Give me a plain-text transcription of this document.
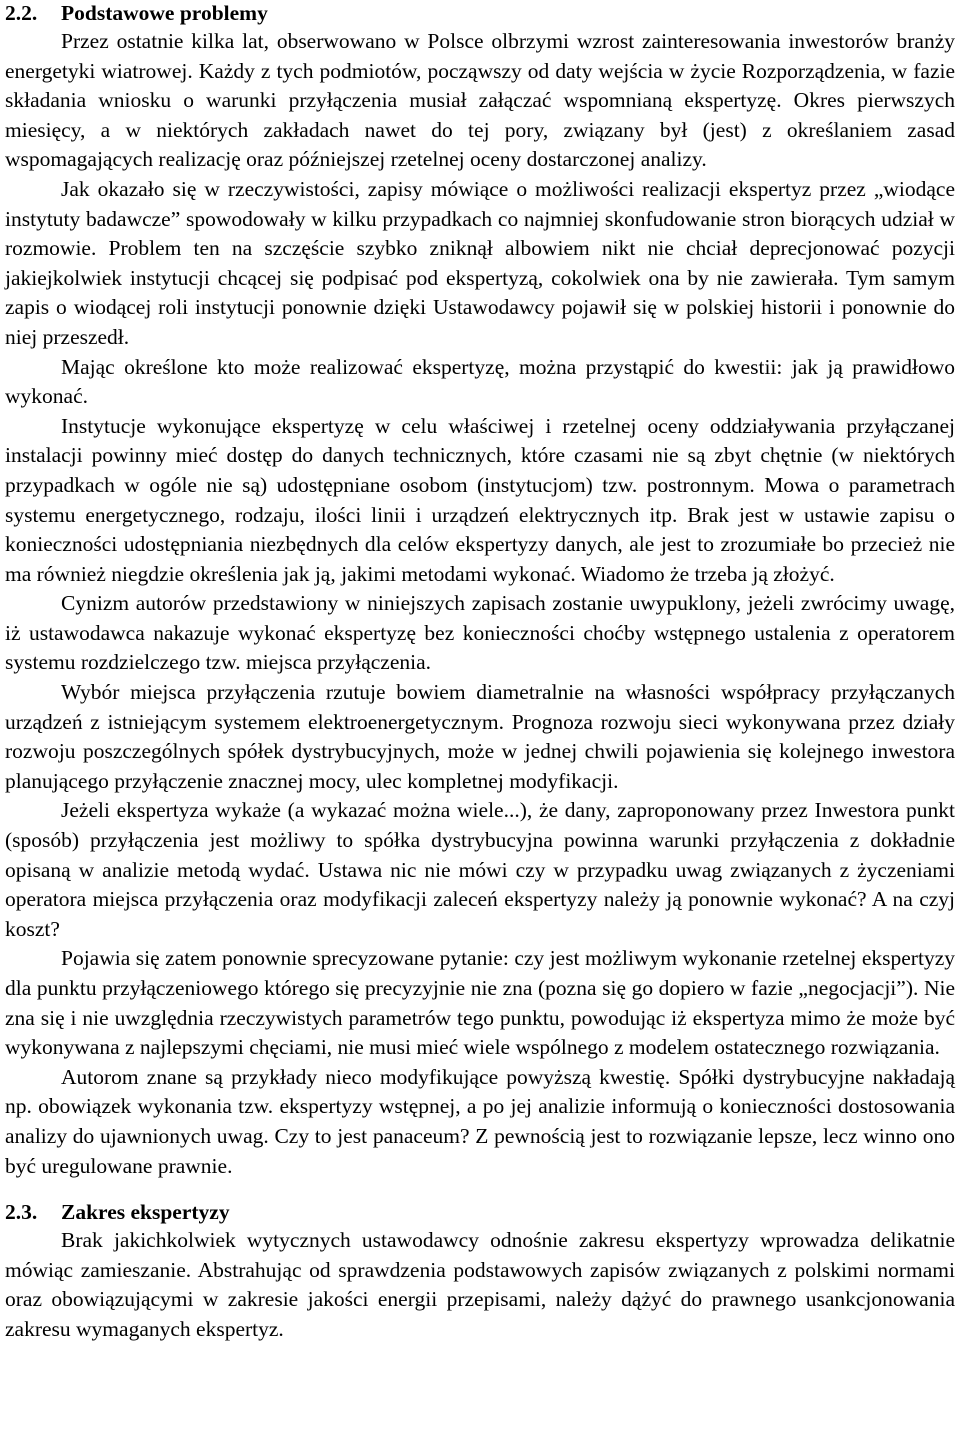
2.2. Podstawowe problemy

Przez ostatnie kilka lat, obserwowano w Polsce olbrzymi wzrost zainteresowania inwestorów branży energetyki wiatrowej. Każdy z tych podmiotów, począwszy od daty wejścia w życie Rozporządzenia, w fazie składania wniosku o warunki przyłączenia musiał załączać wspomnianą ekspertyzę. Okres pierwszych miesięcy, a w niektórych zakładach nawet do tej pory, związany był (jest) z określaniem zasad wspomagających realizację oraz późniejszej rzetelnej oceny dostarczonej analizy.

Jak okazało się w rzeczywistości, zapisy mówiące o możliwości realizacji ekspertyz przez „wiodące instytuty badawcze” spowodowały w kilku przypadkach co najmniej skonfudowanie stron biorących udział w rozmowie. Problem ten na szczęście szybko zniknął albowiem nikt nie chciał deprecjonować pozycji jakiejkolwiek instytucji chcącej się podpisać pod ekspertyzą, cokolwiek ona by nie zawierała. Tym samym zapis o wiodącej roli instytucji ponownie dzięki Ustawodawcy pojawił się w polskiej historii i ponownie do niej przeszedł.

Mając określone kto może realizować ekspertyzę, można przystąpić do kwestii: jak ją prawidłowo wykonać.

Instytucje wykonujące ekspertyzę w celu właściwej i rzetelnej oceny oddziaływania przyłączanej instalacji powinny mieć dostęp do danych technicznych, które czasami nie są zbyt chętnie (w niektórych przypadkach w ogóle nie są) udostępniane osobom (instytucjom) tzw. postronnym. Mowa o parametrach systemu energetycznego, rodzaju, ilości linii i urządzeń elektrycznych itp. Brak jest w ustawie zapisu o konieczności udostępniania niezbędnych dla celów ekspertyzy danych, ale jest to zrozumiałe bo przecież nie ma również niegdzie określenia jak ją, jakimi metodami wykonać. Wiadomo że trzeba ją złożyć.

Cynizm autorów przedstawiony w niniejszych zapisach zostanie uwypuklony, jeżeli zwrócimy uwagę, iż ustawodawca nakazuje wykonać ekspertyzę bez konieczności choćby wstępnego ustalenia z operatorem systemu rozdzielczego tzw. miejsca przyłączenia.

Wybór miejsca przyłączenia rzutuje bowiem diametralnie na własności współpracy przyłączanych urządzeń z istniejącym systemem elektroenergetycznym. Prognoza rozwoju sieci wykonywana przez działy rozwoju poszczególnych spółek dystrybucyjnych, może w jednej chwili pojawienia się kolejnego inwestora planującego przyłączenie znacznej mocy, ulec kompletnej modyfikacji.

Jeżeli ekspertyza wykaże (a wykazać można wiele...), że dany, zaproponowany przez Inwestora punkt (sposób) przyłączenia jest możliwy to spółka dystrybucyjna powinna warunki przyłączenia z dokładnie opisaną w analizie metodą wydać. Ustawa nic nie mówi czy w przypadku uwag związanych z życzeniami operatora miejsca przyłączenia oraz modyfikacji zaleceń ekspertyzy należy ją ponownie wykonać? A na czyj koszt?

Pojawia się zatem ponownie sprecyzowane pytanie: czy jest możliwym wykonanie rzetelnej ekspertyzy dla punktu przyłączeniowego którego się precyzyjnie nie zna (pozna się go dopiero w fazie „negocjacji”). Nie zna się i nie uwzględnia rzeczywistych parametrów tego punktu, powodując iż ekspertyza mimo że może być wykonywana z najlepszymi chęciami, nie musi mieć wiele wspólnego z modelem ostatecznego rozwiązania.

Autorom znane są przykłady nieco modyfikujące powyższą kwestię. Spółki dystrybucyjne nakładają np. obowiązek wykonania tzw. ekspertyzy wstępnej, a po jej analizie informują o konieczności dostosowania analizy do ujawnionych uwag. Czy to jest panaceum? Z pewnością jest to rozwiązanie lepsze, lecz winno ono być uregulowane prawnie.

2.3. Zakres ekspertyzy

Brak jakichkolwiek wytycznych ustawodawcy odnośnie zakresu ekspertyzy wprowadza delikatnie mówiąc zamieszanie. Abstrahując od sprawdzenia podstawowych zapisów związanych z polskimi normami oraz obowiązującymi w zakresie jakości energii przepisami, należy dążyć do prawnego usankcjonowania zakresu wymaganych ekspertyz.
